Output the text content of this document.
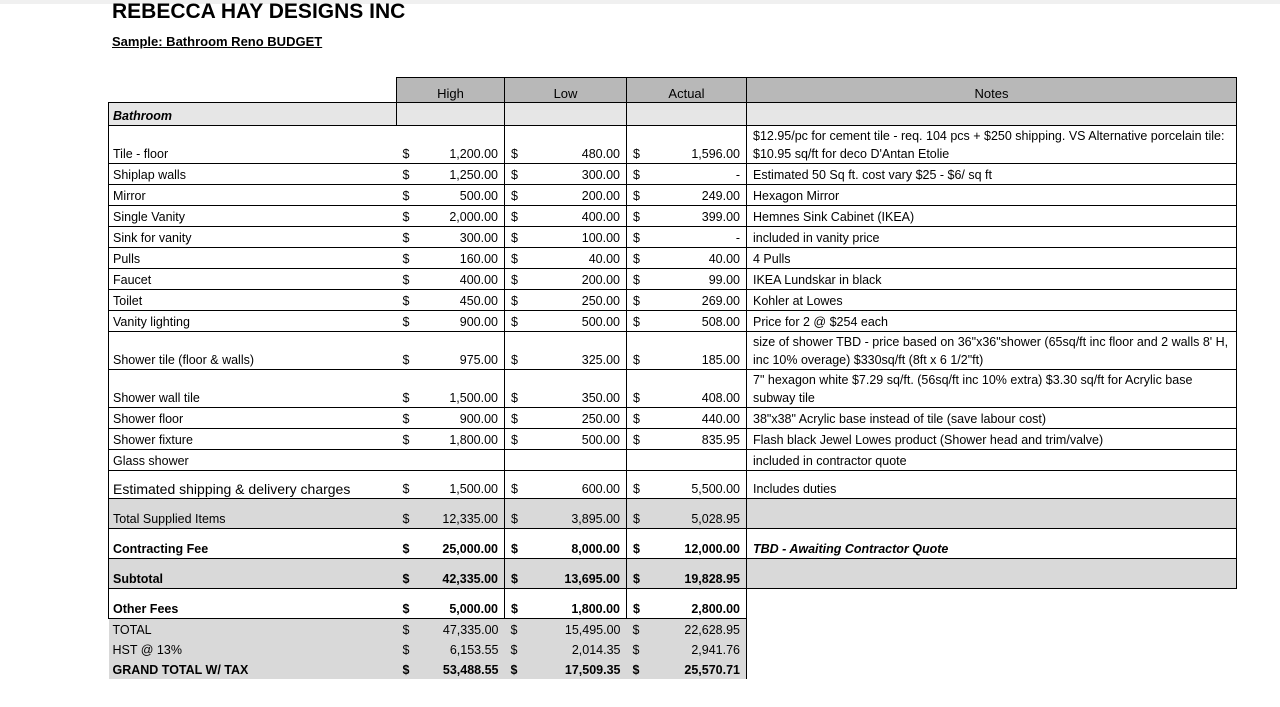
REBECCA HAY DESIGNS INC
Sample: Bathroom Reno BUDGET
	High		Low		Actual		Notes
Bathroom							
Tile - floor	$	1,200.00	$	480.00	$	1,596.00	$12.95/pc for cement tile - req. 104 pcs + $250 shipping. VS Alternative porcelain tile: $10.95 sq/ft for deco D'Antan Etolie
Shiplap walls	$	1,250.00	$	300.00	$	-	Estimated 50 Sq ft. cost vary $25 - $6/ sq ft
Mirror	$	500.00	$	200.00	$	249.00	Hexagon Mirror
Single Vanity	$	2,000.00	$	400.00	$	399.00	Hemnes Sink Cabinet (IKEA)
Sink for vanity	$	300.00	$	100.00	$	-	included in vanity price
Pulls	$	160.00	$	40.00	$	40.00	4 Pulls
Faucet	$	400.00	$	200.00	$	99.00	IKEA Lundskar in black
Toilet	$	450.00	$	250.00	$	269.00	Kohler at Lowes
Vanity lighting	$	900.00	$	500.00	$	508.00	Price for 2 @ $254 each
Shower tile (floor & walls)	$	975.00	$	325.00	$	185.00	size of shower TBD - price based on 36"x36"shower (65sq/ft inc floor and 2 walls 8' H, inc 10% overage) $330sq/ft (8ft x 6 1/2"ft)
Shower wall tile	$	1,500.00	$	350.00	$	408.00	7" hexagon white $7.29 sq/ft. (56sq/ft inc 10% extra) $3.30 sq/ft for Acrylic base subway tile
Shower floor	$	900.00	$	250.00	$	440.00	38"x38" Acrylic base instead of tile (save labour cost)
Shower fixture	$	1,800.00	$	500.00	$	835.95	Flash black Jewel Lowes product (Shower head and trim/valve)
Glass shower							included in contractor quote
Estimated shipping & delivery charges	$	1,500.00	$	600.00	$	5,500.00	Includes duties
Total Supplied Items	$	12,335.00	$	3,895.00	$	5,028.95	
Contracting Fee	$	25,000.00	$	8,000.00	$	12,000.00	TBD - Awaiting Contractor Quote
Subtotal	$	42,335.00	$	13,695.00	$	19,828.95	
Other Fees	$	5,000.00	$	1,800.00	$	2,800.00	
TOTAL	$	47,335.00	$	15,495.00	$	22,628.95	
HST @ 13%	$	6,153.55	$	2,014.35	$	2,941.76	
GRAND TOTAL W/ TAX	$	53,488.55	$	17,509.35	$	25,570.71	
